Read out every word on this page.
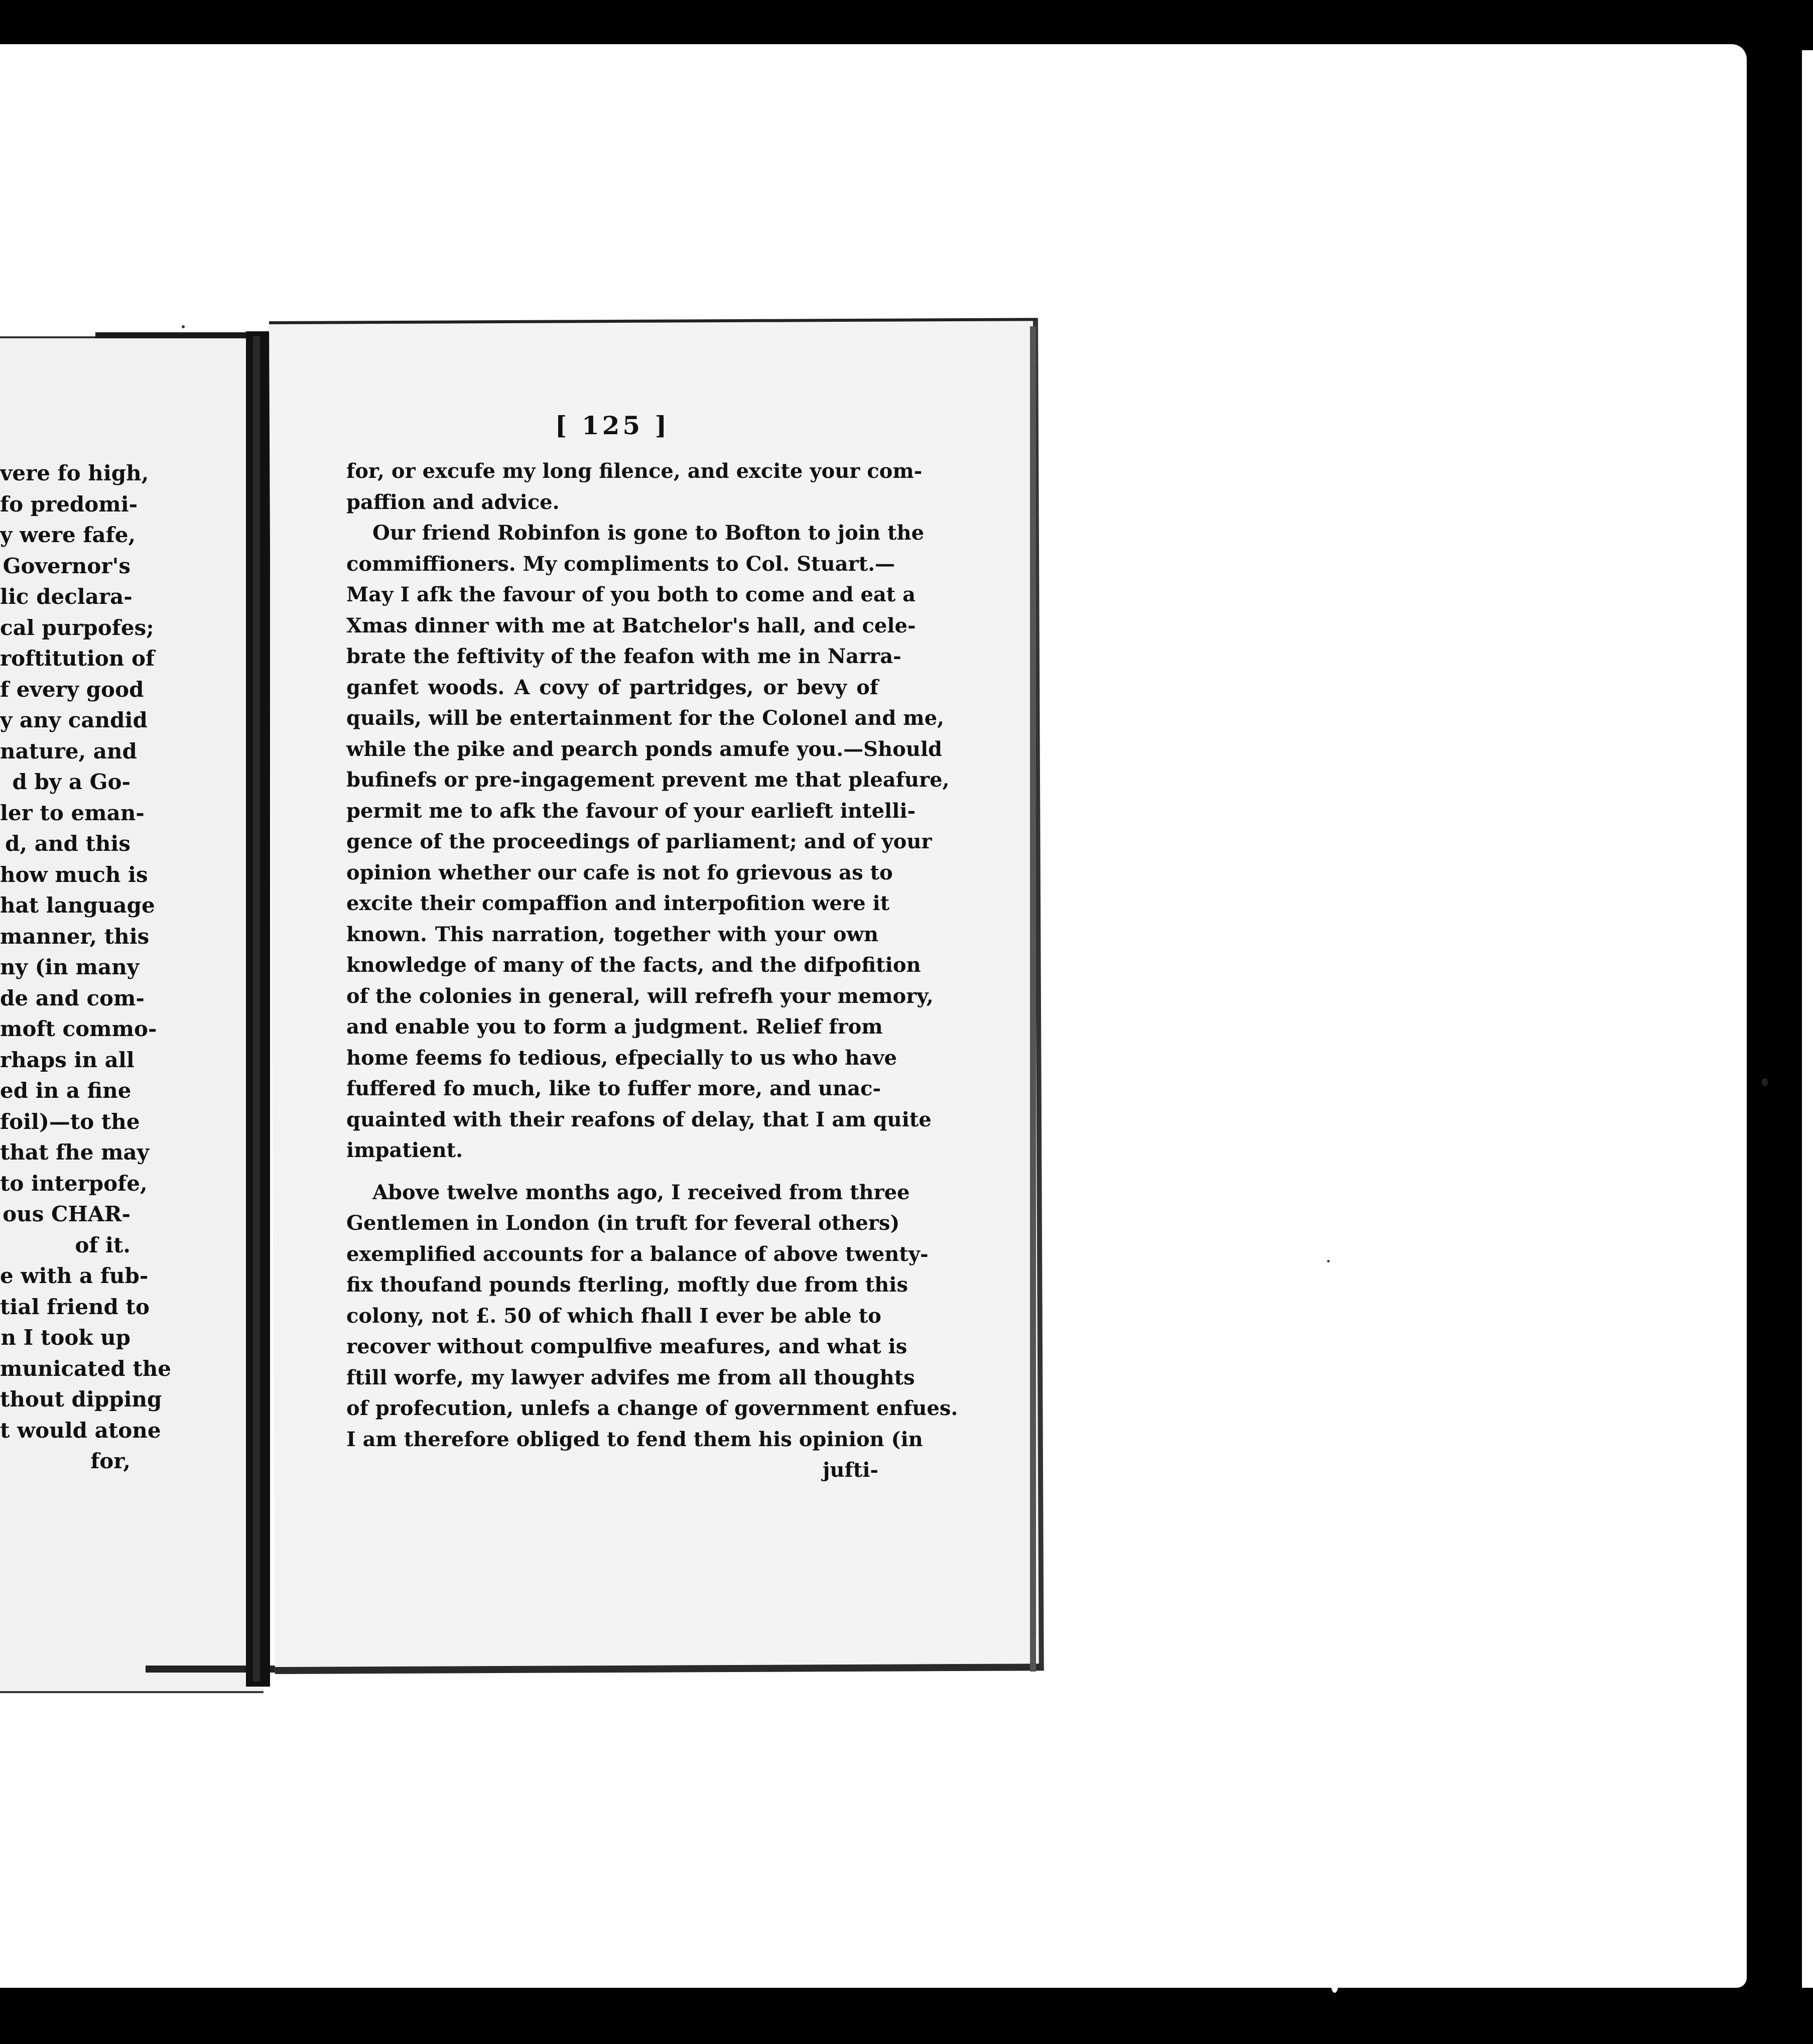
vere fo high,
fo predomi-
y were fafe,
Governor's
lic declara-
cal purpofes;
roftitution of
f every good
y any candid
nature, and
d by a Go-
ler to eman-
d, and this
how much is
hat language
manner, this
ny (in many
de and com-
moft commo-
rhaps in all
ed in a fine
foil)—to the
that fhe may
to interpofe,
ous CHAR-
of it.
e with a fub-
tial friend to
n I took up
municated the
thout dipping
t would atone
for,
[ 125 ]
for, or excufe my long filence, and excite your com-
paffion and advice.
Our friend Robinfon is gone to Bofton to join the
commiffioners. My compliments to Col. Stuart.—
May I afk the favour of you both to come and eat a
Xmas dinner with me at Batchelor's hall, and cele-
brate the feftivity of the feafon with me in Narra-
ganfet woods. A covy of partridges, or bevy of
quails, will be entertainment for the Colonel and me,
while the pike and pearch ponds amufe you.—Should
bufinefs or pre-ingagement prevent me that pleafure,
permit me to afk the favour of your earlieft intelli-
gence of the proceedings of parliament; and of your
opinion whether our cafe is not fo grievous as to
excite their compaffion and interpofition were it
known. This narration, together with your own
knowledge of many of the facts, and the difpofition
of the colonies in general, will refrefh your memory,
and enable you to form a judgment. Relief from
home feems fo tedious, efpecially to us who have
fuffered fo much, like to fuffer more, and unac-
quainted with their reafons of delay, that I am quite
impatient.
Above twelve months ago, I received from three
Gentlemen in London (in truft for feveral others)
exemplified accounts for a balance of above twenty-
fix thoufand pounds fterling, moftly due from this
colony, not £. 50 of which fhall I ever be able to
recover without compulfive meafures, and what is
ftill worfe, my lawyer advifes me from all thoughts
of profecution, unlefs a change of government enfues.
I am therefore obliged to fend them his opinion (in
jufti-
